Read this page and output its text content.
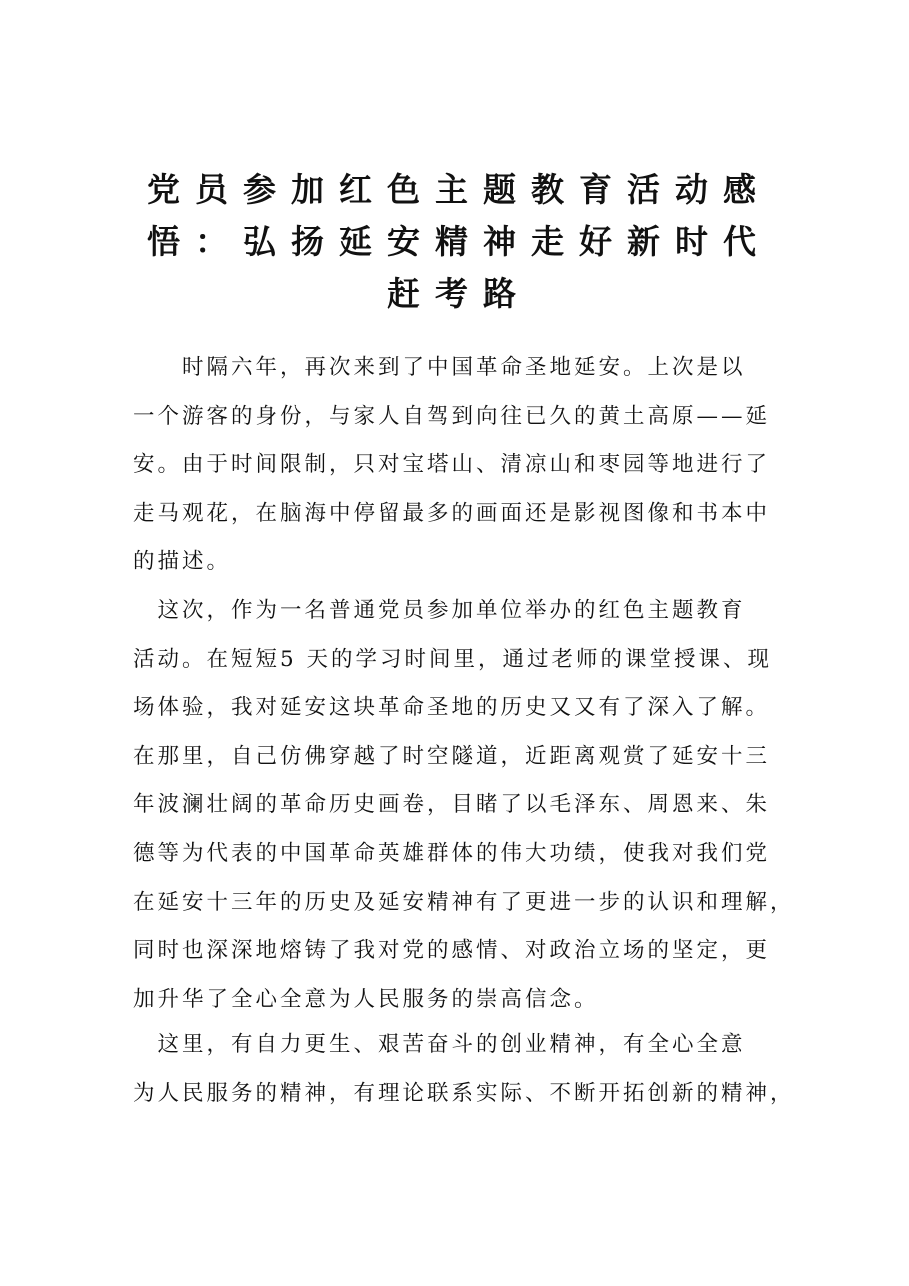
党员参加红色主题教育活动感
悟：弘扬延安精神走好新时代
赶考路

　　时隔六年，再次来到了中国革命圣地延安。上次是以
一个游客的身份，与家人自驾到向往已久的黄土高原——延
安。由于时间限制，只对宝塔山、清凉山和枣园等地进行了
走马观花，在脑海中停留最多的画面还是影视图像和书本中
的描述。

　这次，作为一名普通党员参加单位举办的红色主题教育
活动。在短短5 天的学习时间里，通过老师的课堂授课、现
场体验，我对延安这块革命圣地的历史又又有了深入了解。
在那里，自己仿佛穿越了时空隧道，近距离观赏了延安十三
年波澜壮阔的革命历史画卷，目睹了以毛泽东、周恩来、朱
德等为代表的中国革命英雄群体的伟大功绩，使我对我们党
在延安十三年的历史及延安精神有了更进一步的认识和理解，
同时也深深地熔铸了我对党的感情、对政治立场的坚定，更
加升华了全心全意为人民服务的崇高信念。

　这里，有自力更生、艰苦奋斗的创业精神，有全心全意
为人民服务的精神，有理论联系实际、不断开拓创新的精神，
